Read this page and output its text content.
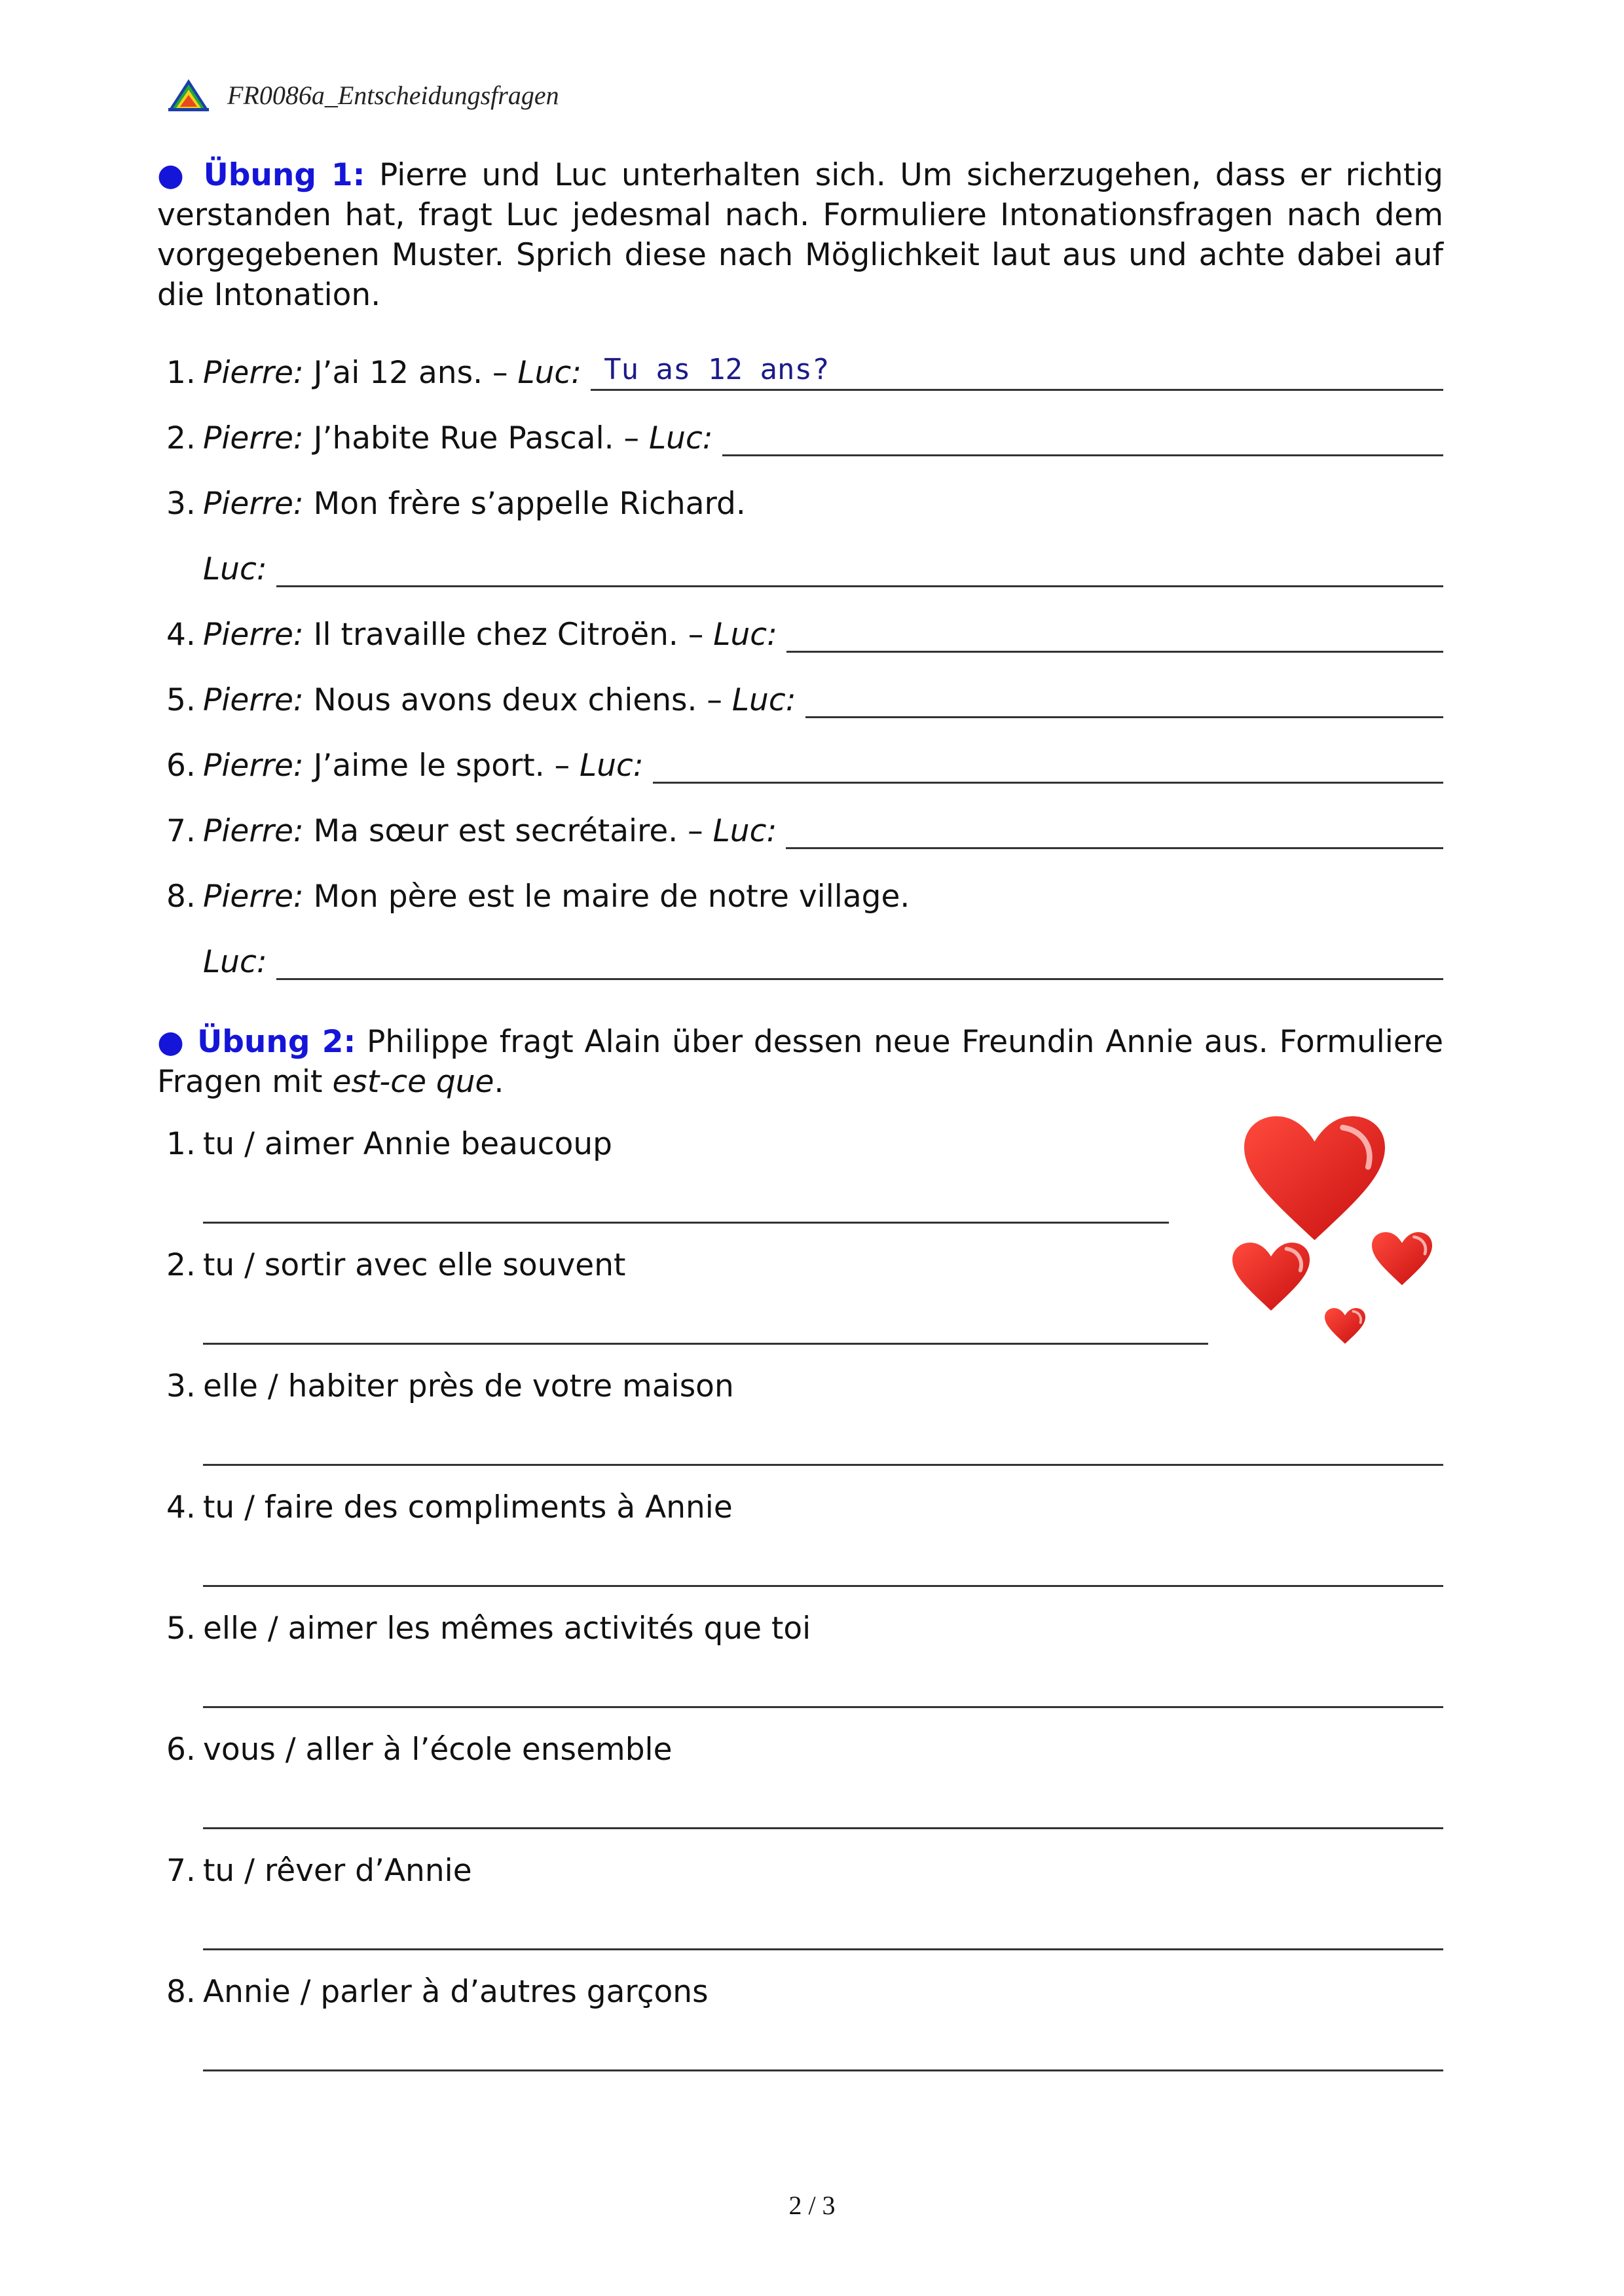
FR0086a_Entscheidungsfragen

● Übung 1: Pierre und Luc unterhalten sich. Um sicherzugehen, dass er richtig verstanden hat, fragt Luc jedesmal nach. Formuliere Intonationsfragen nach dem vorgegebenen Muster. Sprich diese nach Möglichkeit laut aus und achte dabei auf die Intonation.

1. Pierre: J’ai 12 ans. – Luc: Tu as 12 ans?
2. Pierre: J’habite Rue Pascal. – Luc:
3. Pierre: Mon frère s’appelle Richard.
Luc:
4. Pierre: Il travaille chez Citroën. – Luc:
5. Pierre: Nous avons deux chiens. – Luc:
6. Pierre: J’aime le sport. – Luc:
7. Pierre: Ma sœur est secrétaire. – Luc:
8. Pierre: Mon père est le maire de notre village.
Luc:

● Übung 2: Philippe fragt Alain über dessen neue Freundin Annie aus. Formuliere Fragen mit est-ce que.

1. tu / aimer Annie beaucoup
2. tu / sortir avec elle souvent
3. elle / habiter près de votre maison
4. tu / faire des compliments à Annie
5. elle / aimer les mêmes activités que toi
6. vous / aller à l’école ensemble
7. tu / rêver d’Annie
8. Annie / parler à d’autres garçons
2 / 3
